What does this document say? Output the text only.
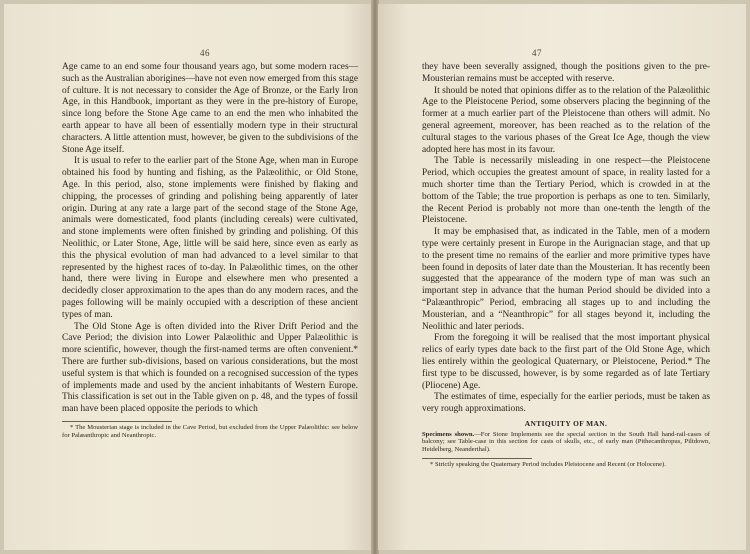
46

Age came to an end some four thousand years ago, but some modern races—such as the Australian aborigines—have not even now emerged from this stage of culture. It is not necessary to consider the Age of Bronze, or the Early Iron Age, in this Handbook, important as they were in the pre-history of Europe, since long before the Stone Age came to an end the men who inhabited the earth appear to have all been of essentially modern type in their structural characters. A little attention must, however, be given to the subdivisions of the Stone Age itself.

It is usual to refer to the earlier part of the Stone Age, when man in Europe obtained his food by hunting and fishing, as the Palæolithic, or Old Stone, Age. In this period, also, stone implements were finished by flaking and chipping, the processes of grinding and polishing being apparently of later origin. During at any rate a large part of the second stage of the Stone Age, animals were domesticated, food plants (including cereals) were cultivated, and stone implements were often finished by grinding and polishing. Of this Neolithic, or Later Stone, Age, little will be said here, since even as early as this the physical evolution of man had advanced to a level similar to that represented by the highest races of to-day. In Palæolithic times, on the other hand, there were living in Europe and elsewhere men who presented a decidedly closer approximation to the apes than do any modern races, and the pages following will be mainly occupied with a description of these ancient types of man.

The Old Stone Age is often divided into the River Drift Period and the Cave Period; the division into Lower Palæolithic and Upper Palæolithic is more scientific, however, though the first-named terms are often convenient.* There are further sub-divisions, based on various considerations, but the most useful system is that which is founded on a recognised succession of the types of implements made and used by the ancient inhabitants of Western Europe. This classification is set out in the Table given on p. 48, and the types of fossil man have been placed opposite the periods to which

* The Mousterian stage is included in the Cave Period, but excluded from the Upper Palæolithic: see below for Palæanthropic and Neanthropic.
47

they have been severally assigned, though the positions given to the pre-Mousterian remains must be accepted with reserve.

It should be noted that opinions differ as to the relation of the Palæolithic Age to the Pleistocene Period, some observers placing the beginning of the former at a much earlier part of the Pleistocene than others will admit. No general agreement, moreover, has been reached as to the relation of the cultural stages to the various phases of the Great Ice Age, though the view adopted here has most in its favour.

The Table is necessarily misleading in one respect—the Pleistocene Period, which occupies the greatest amount of space, in reality lasted for a much shorter time than the Tertiary Period, which is crowded in at the bottom of the Table; the true proportion is perhaps as one to ten. Similarly, the Recent Period is probably not more than one-tenth the length of the Pleistocene.

It may be emphasised that, as indicated in the Table, men of a modern type were certainly present in Europe in the Aurignacian stage, and that up to the present time no remains of the earlier and more primitive types have been found in deposits of later date than the Mousterian. It has recently been suggested that the appearance of the modern type of man was such an important step in advance that the human Period should be divided into a “Palæanthropic” Period, embracing all stages up to and including the Mousterian, and a “Neanthropic” for all stages beyond it, including the Neolithic and later periods.

From the foregoing it will be realised that the most important physical relics of early types date back to the first part of the Old Stone Age, which lies entirely within the geological Quaternary, or Pleistocene, Period.* The first type to be discussed, however, is by some regarded as of late Tertiary (Pliocene) Age.

The estimates of time, especially for the earlier periods, must be taken as very rough approximations.

ANTIQUITY OF MAN.
Specimens shown.—For Stone Implements see the special section in the South Hall hand-rail-cases of balcony; see Table-case in this section for casts of skulls, etc., of early man (Pithecanthropus, Piltdown, Heidelberg, Neanderthal).
* Strictly speaking the Quaternary Period includes Pleistocene and Recent (or Holocene).
